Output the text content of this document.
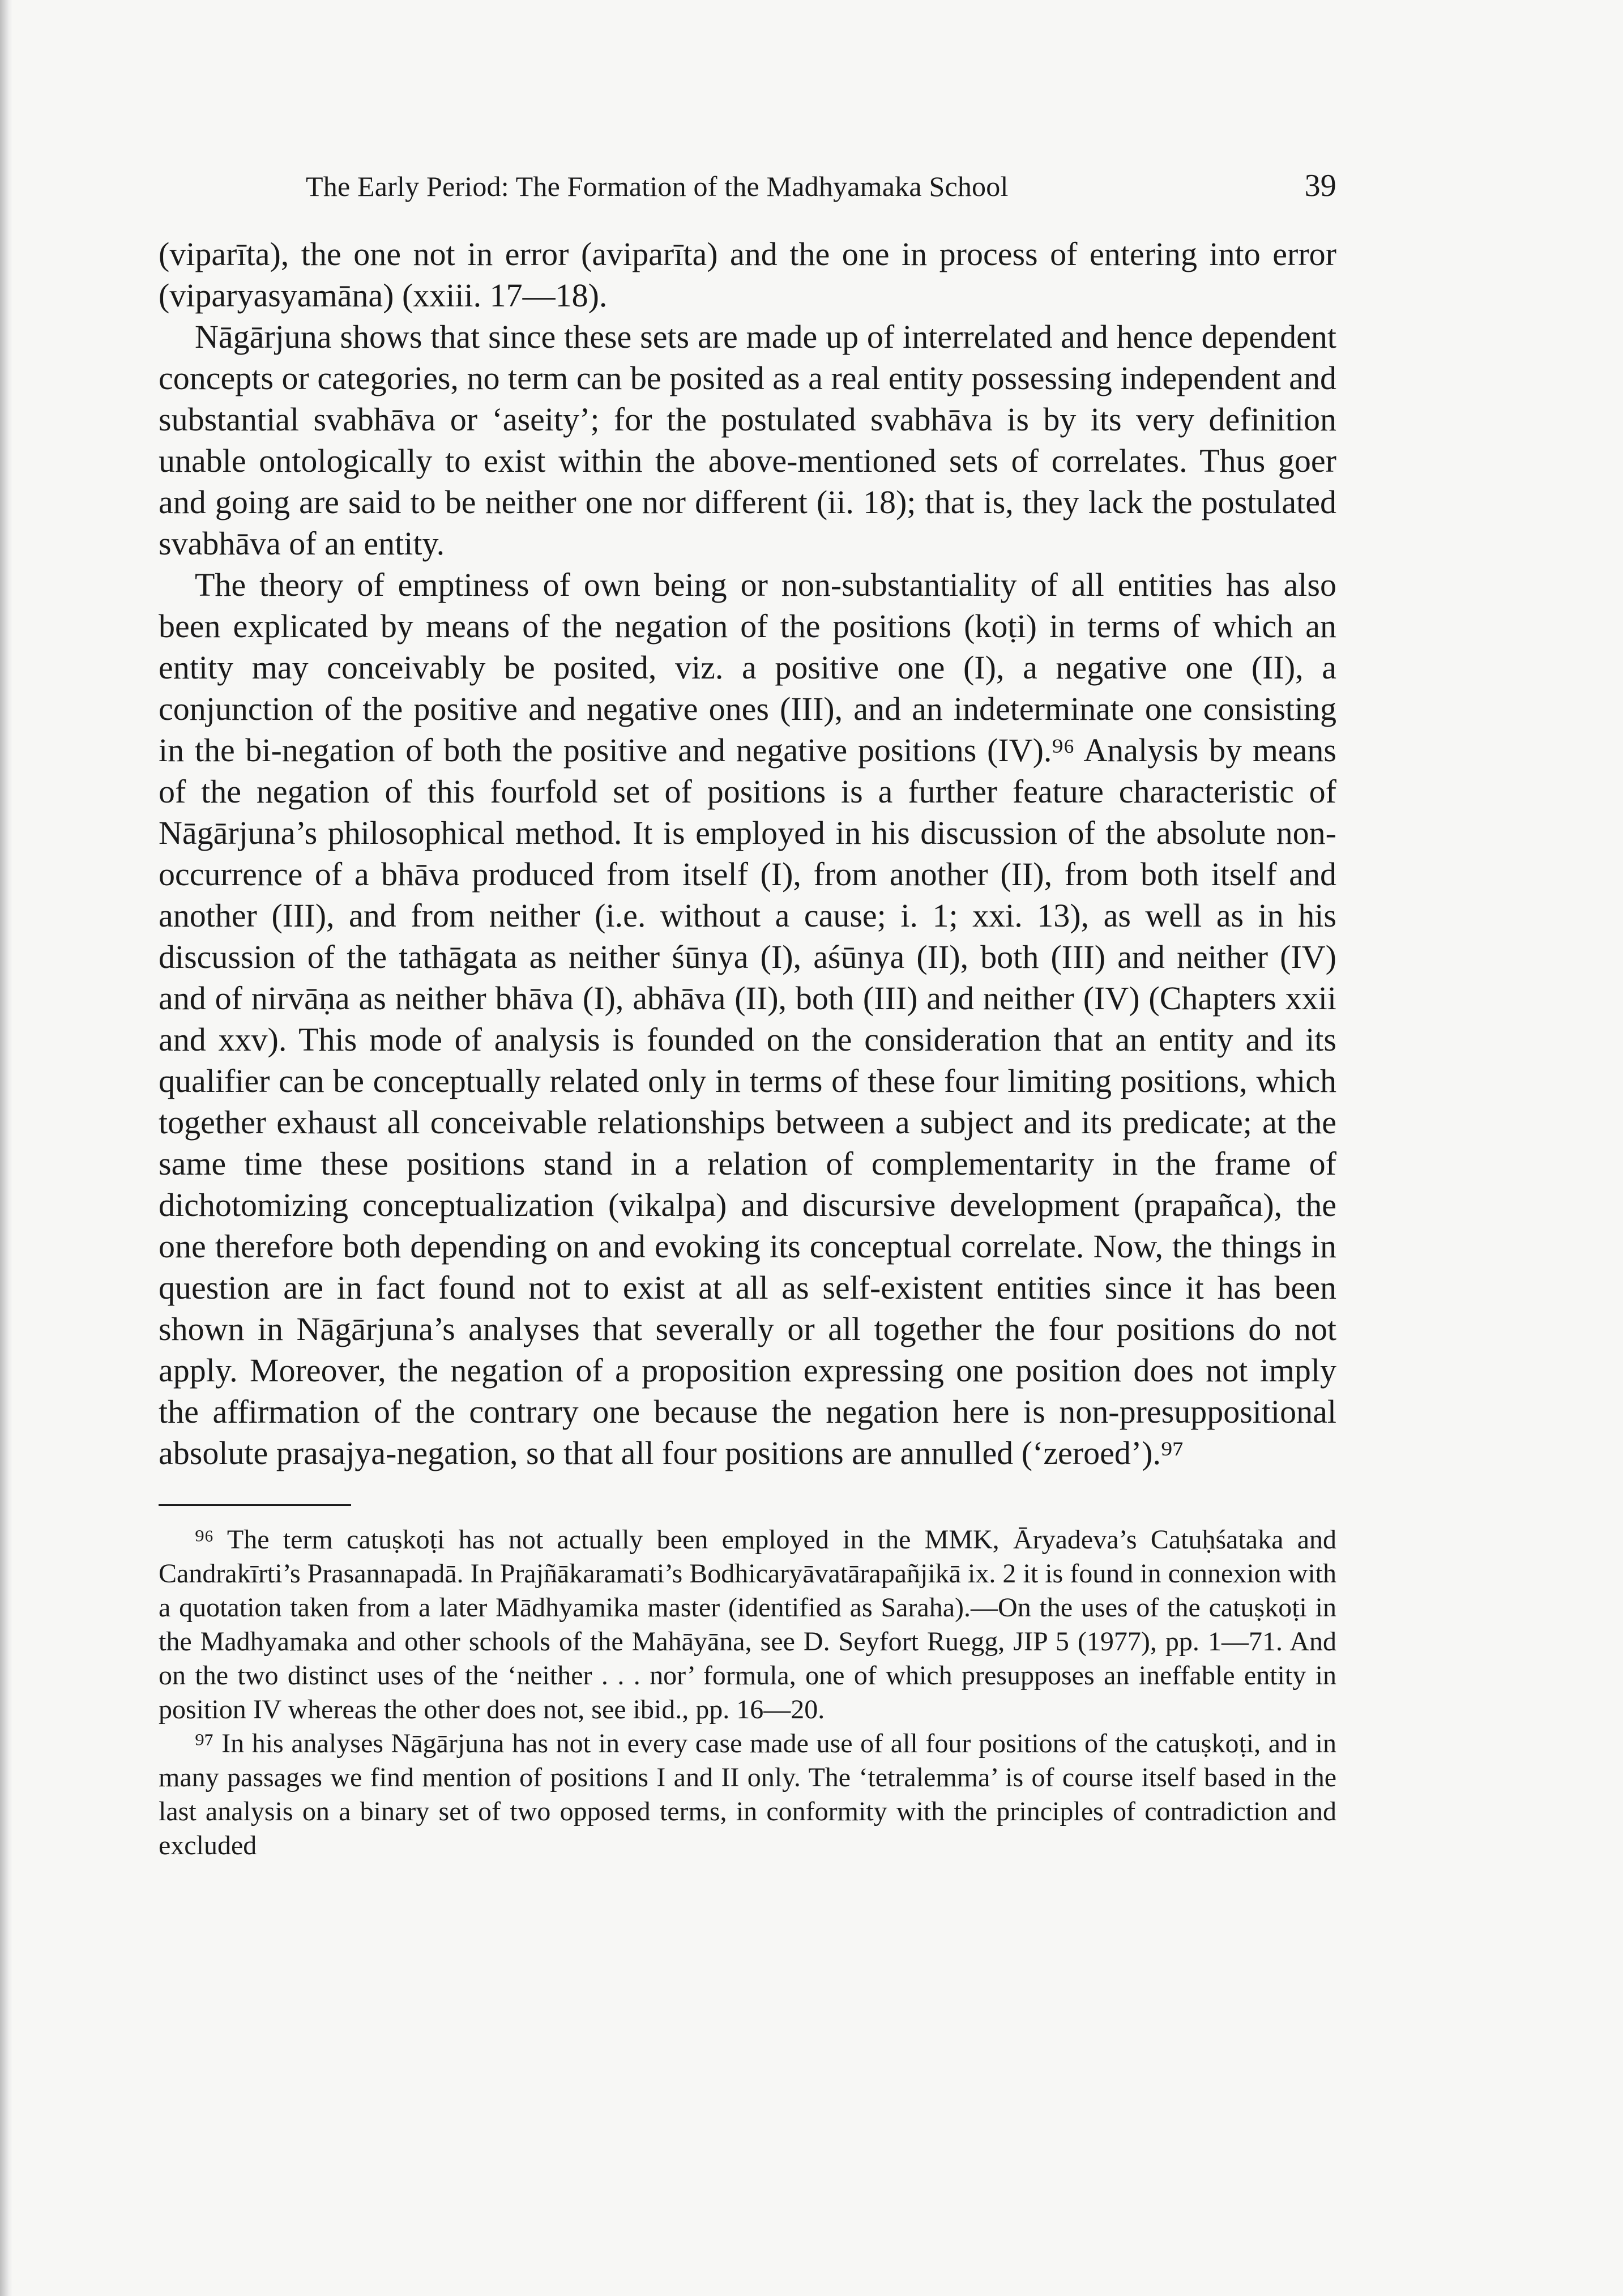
The Early Period: The Formation of the Madhyamaka School	39

(viparīta), the one not in error (aviparīta) and the one in process of entering into error (viparyasyamāna) (xxiii. 17—18).

Nāgārjuna shows that since these sets are made up of interrelated and hence dependent concepts or categories, no term can be posited as a real entity possessing independent and substantial svabhāva or ‘aseity’; for the postulated svabhāva is by its very definition unable ontologically to exist within the above-mentioned sets of correlates. Thus goer and going are said to be neither one nor different (ii. 18); that is, they lack the postulated svabhāva of an entity.

The theory of emptiness of own being or non-substantiality of all entities has also been explicated by means of the negation of the positions (koṭi) in terms of which an entity may conceivably be posited, viz. a positive one (I), a negative one (II), a conjunction of the positive and negative ones (III), and an indeterminate one consisting in the bi-negation of both the positive and negative positions (IV).⁹⁶ Analysis by means of the negation of this fourfold set of positions is a further feature characteristic of Nāgārjuna’s philosophical method. It is employed in his discussion of the absolute non-occurrence of a bhāva produced from itself (I), from another (II), from both itself and another (III), and from neither (i.e. without a cause; i. 1; xxi. 13), as well as in his discussion of the tathāgata as neither śūnya (I), aśūnya (II), both (III) and neither (IV) and of nirvāṇa as neither bhāva (I), abhāva (II), both (III) and neither (IV) (Chapters xxii and xxv). This mode of analysis is founded on the consideration that an entity and its qualifier can be conceptually related only in terms of these four limiting positions, which together exhaust all conceivable relationships between a subject and its predicate; at the same time these positions stand in a relation of complementarity in the frame of dichotomizing conceptualization (vikalpa) and discursive development (prapañca), the one therefore both depending on and evoking its conceptual correlate. Now, the things in question are in fact found not to exist at all as self-existent entities since it has been shown in Nāgārjuna’s analyses that severally or all together the four positions do not apply. Moreover, the negation of a proposition expressing one position does not imply the affirmation of the contrary one because the negation here is non-presuppositional absolute prasajya-negation, so that all four positions are annulled (‘zeroed’).⁹⁷

⁹⁶ The term catuṣkoṭi has not actually been employed in the MMK, Āryadeva’s Catuḥśataka and Candrakīrti’s Prasannapadā. In Prajñākaramati’s Bodhicaryāvatārapañjikā ix. 2 it is found in connexion with a quotation taken from a later Mādhyamika master (identified as Saraha).—On the uses of the catuṣkoṭi in the Madhyamaka and other schools of the Mahāyāna, see D. Seyfort Ruegg, JIP 5 (1977), pp. 1—71. And on the two distinct uses of the ‘neither . . . nor’ formula, one of which presupposes an ineffable entity in position IV whereas the other does not, see ibid., pp. 16—20.

⁹⁷ In his analyses Nāgārjuna has not in every case made use of all four positions of the catuṣkoṭi, and in many passages we find mention of positions I and II only. The ‘tetralemma’ is of course itself based in the last analysis on a binary set of two opposed terms, in conformity with the principles of contradiction and excluded
